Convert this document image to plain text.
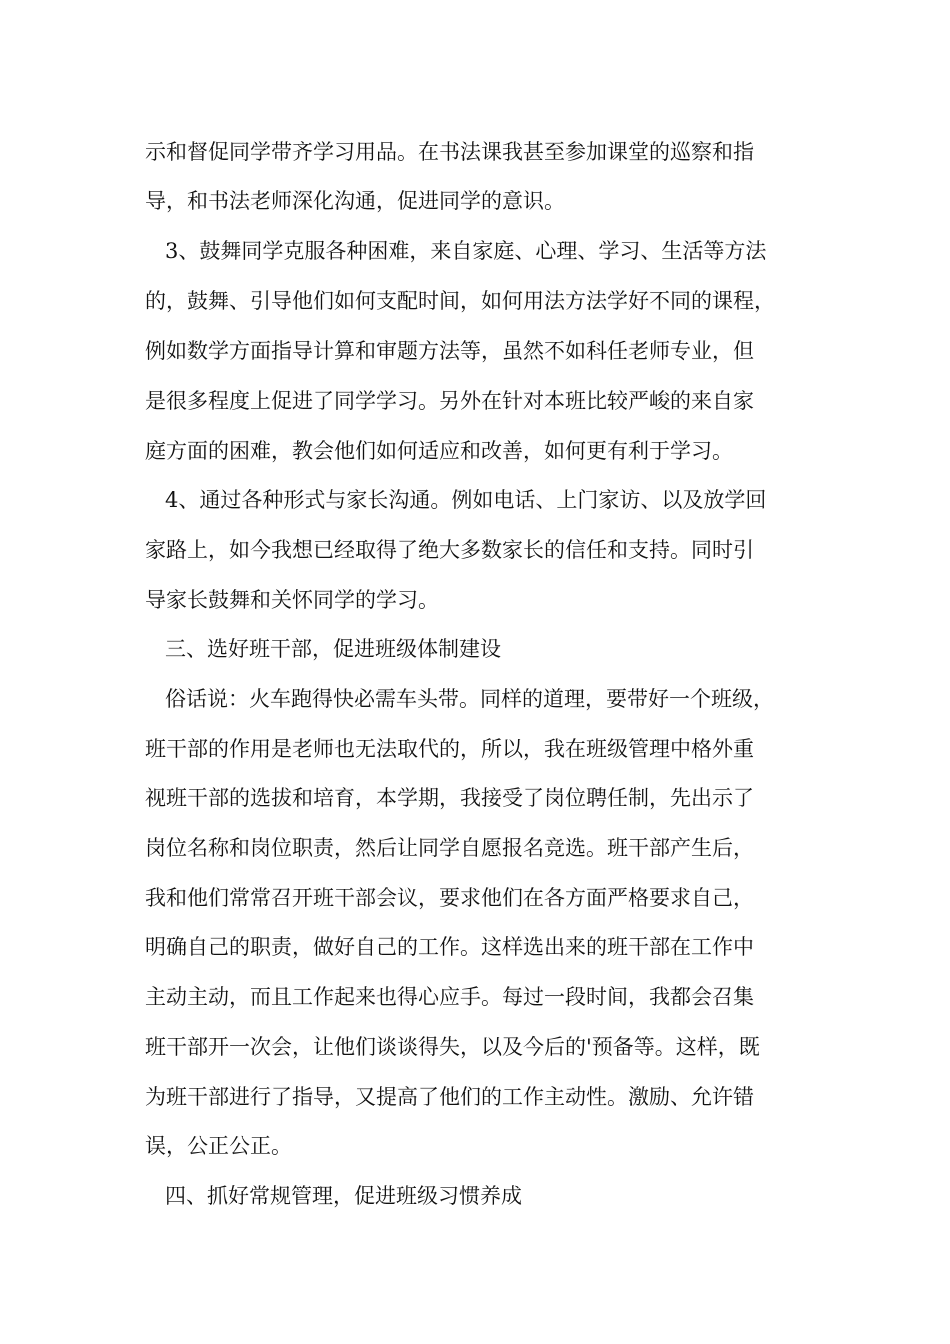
示和督促同学带齐学习用品。在书法课我甚至参加课堂的巡察和指
导，和书法老师深化沟通，促进同学的意识。
3、鼓舞同学克服各种困难，来自家庭、心理、学习、生活等方法
的，鼓舞、引导他们如何支配时间，如何用法方法学好不同的课程，
例如数学方面指导计算和审题方法等，虽然不如科任老师专业，但
是很多程度上促进了同学学习。另外在针对本班比较严峻的来自家
庭方面的困难，教会他们如何适应和改善，如何更有利于学习。
4、通过各种形式与家长沟通。例如电话、上门家访、以及放学回
家路上，如今我想已经取得了绝大多数家长的信任和支持。同时引
导家长鼓舞和关怀同学的学习。
三、选好班干部，促进班级体制建设
俗话说：火车跑得快必需车头带。同样的道理，要带好一个班级，
班干部的作用是老师也无法取代的，所以，我在班级管理中格外重
视班干部的选拔和培育，本学期，我接受了岗位聘任制，先出示了
岗位名称和岗位职责，然后让同学自愿报名竞选。班干部产生后，
我和他们常常召开班干部会议，要求他们在各方面严格要求自己，
明确自己的职责，做好自己的工作。这样选出来的班干部在工作中
主动主动，而且工作起来也得心应手。每过一段时间，我都会召集
班干部开一次会，让他们谈谈得失，以及今后的'预备等。这样，既
为班干部进行了指导，又提高了他们的工作主动性。激励、允许错
误，公正公正。
四、抓好常规管理，促进班级习惯养成
